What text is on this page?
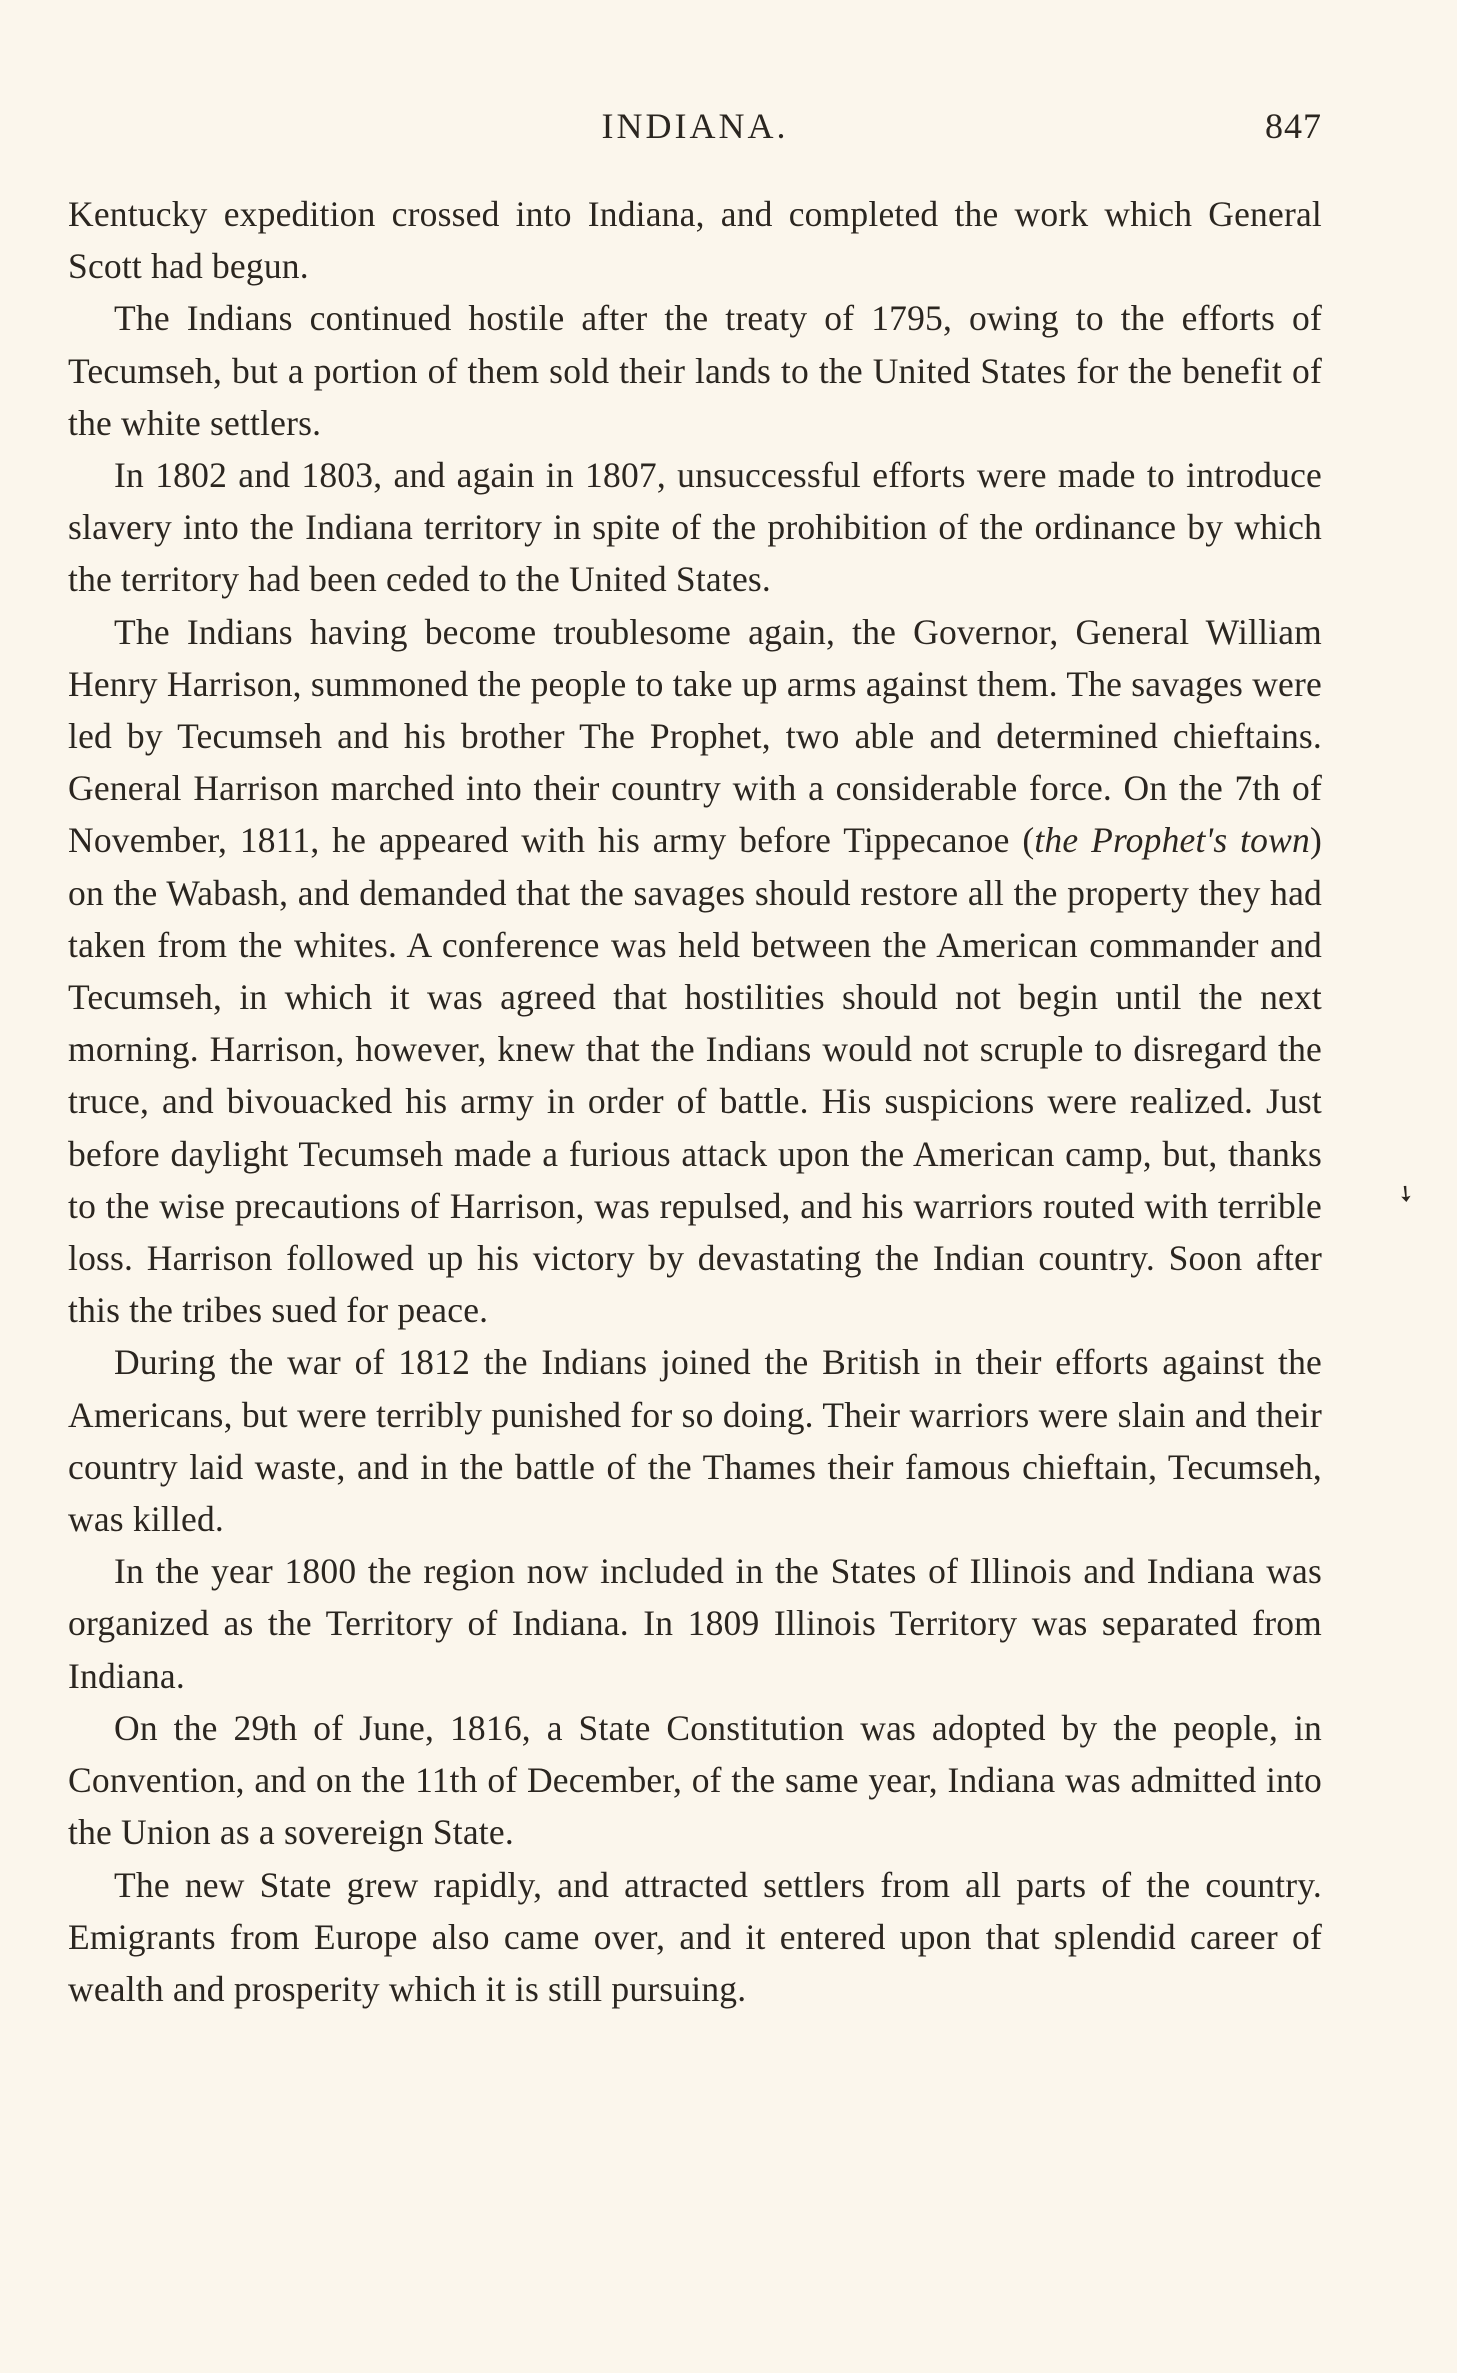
INDIANA.	847

Kentucky expedition crossed into Indiana, and completed the work which General Scott had begun.

The Indians continued hostile after the treaty of 1795, owing to the efforts of Tecumseh, but a portion of them sold their lands to the United States for the benefit of the white settlers.

In 1802 and 1803, and again in 1807, unsuccessful efforts were made to introduce slavery into the Indiana territory in spite of the prohibition of the ordinance by which the territory had been ceded to the United States.

The Indians having become troublesome again, the Governor, General William Henry Harrison, summoned the people to take up arms against them. The savages were led by Tecumseh and his brother The Prophet, two able and determined chieftains. General Harrison marched into their country with a considerable force. On the 7th of November, 1811, he appeared with his army before Tippecanoe (the Prophet's town) on the Wabash, and demanded that the savages should restore all the property they had taken from the whites. A conference was held between the American commander and Tecumseh, in which it was agreed that hostilities should not begin until the next morning. Harrison, however, knew that the Indians would not scruple to disregard the truce, and bivouacked his army in order of battle. His suspicions were realized. Just before daylight Tecumseh made a furious attack upon the American camp, but, thanks to the wise precautions of Harrison, was repulsed, and his warriors routed with terrible loss. Harrison followed up his victory by devastating the Indian country. Soon after this the tribes sued for peace.

During the war of 1812 the Indians joined the British in their efforts against the Americans, but were terribly punished for so doing. Their warriors were slain and their country laid waste, and in the battle of the Thames their famous chieftain, Tecumseh, was killed.

In the year 1800 the region now included in the States of Illinois and Indiana was organized as the Territory of Indiana. In 1809 Illinois Territory was separated from Indiana.

On the 29th of June, 1816, a State Constitution was adopted by the people, in Convention, and on the 11th of December, of the same year, Indiana was admitted into the Union as a sovereign State.

The new State grew rapidly, and attracted settlers from all parts of the country. Emigrants from Europe also came over, and it entered upon that splendid career of wealth and prosperity which it is still pursuing.

➘
